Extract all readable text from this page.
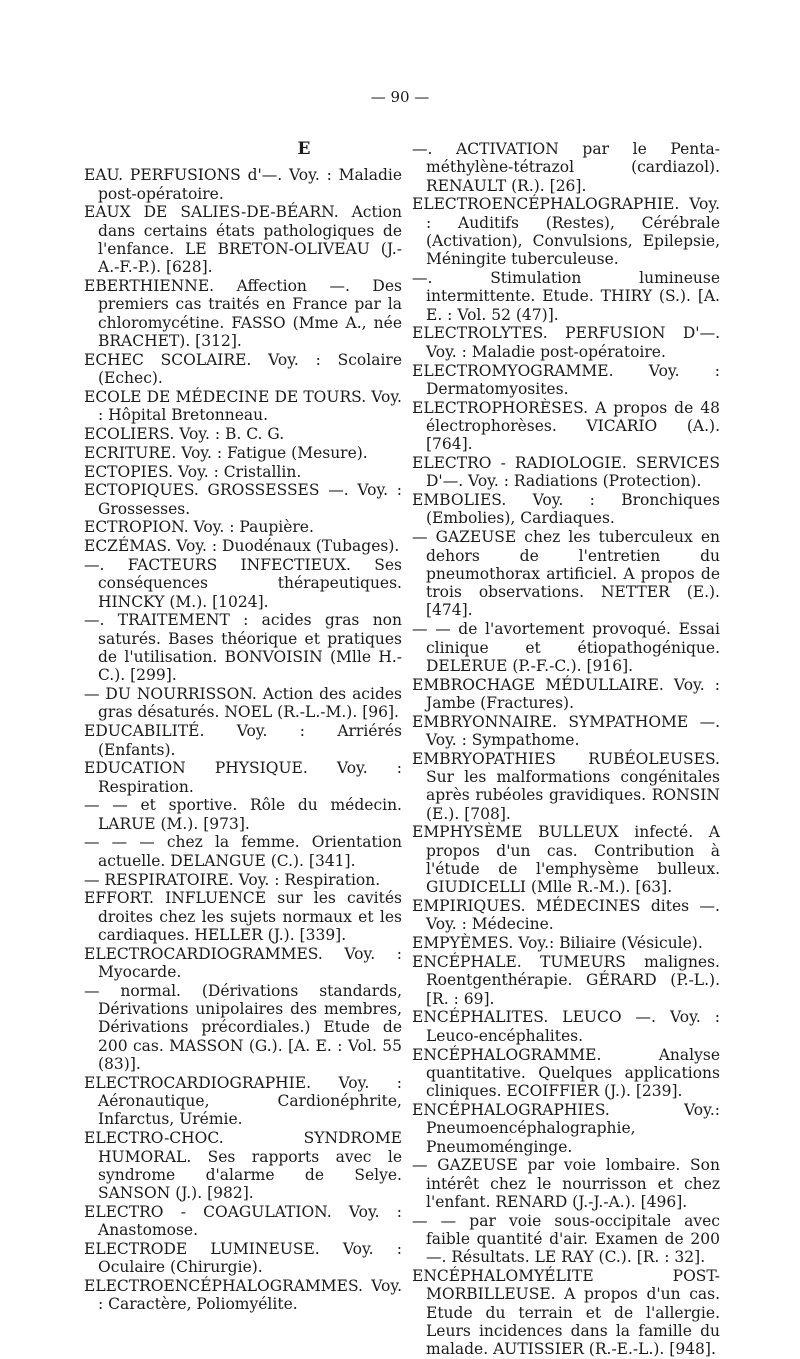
— 90 —
E

EAU. PERFUSIONS d'—. Voy. : Maladie post-opératoire.

EAUX DE SALIES-DE-BÉARN. Action dans certains états pathologiques de l'enfance. LE BRETON-OLIVEAU (J.-A.-F.-P.). [628].

EBERTHIENNE. Affection —. Des premiers cas traités en France par la chloromycétine. FASSO (Mme A., née BRACHET). [312].

ECHEC SCOLAIRE. Voy. : Scolaire (Echec).

ECOLE DE MÉDECINE DE TOURS. Voy. : Hôpital Bretonneau.

ECOLIERS. Voy. : B. C. G.

ECRITURE. Voy. : Fatigue (Mesure).

ECTOPIES. Voy. : Cristallin.

ECTOPIQUES. GROSSESSES —. Voy. : Grossesses.

ECTROPION. Voy. : Paupière.

ECZÉMAS. Voy. : Duodénaux (Tubages).

—. FACTEURS INFECTIEUX. Ses conséquences thérapeutiques. HINCKY (M.). [1024].

—. TRAITEMENT : acides gras non saturés. Bases théorique et pratiques de l'utilisation. BONVOISIN (Mlle H.-C.). [299].

— DU NOURRISSON. Action des acides gras désaturés. NOEL (R.-L.-M.). [96].

EDUCABILITÉ. Voy. : Arriérés (Enfants).

EDUCATION PHYSIQUE. Voy. : Respiration.

— — et sportive. Rôle du médecin. LARUE (M.). [973].

— — — chez la femme. Orientation actuelle. DELANGUE (C.). [341].

— RESPIRATOIRE. Voy. : Respiration.

EFFORT. INFLUENCE sur les cavités droites chez les sujets normaux et les cardiaques. HELLER (J.). [339].

ELECTROCARDIOGRAMMES. Voy. : Myocarde.

— normal. (Dérivations standards, Dérivations unipolaires des membres, Dérivations précordiales.) Etude de 200 cas. MASSON (G.). [A. E. : Vol. 55 (83)].

ELECTROCARDIOGRAPHIE. Voy. : Aéronautique, Cardionéphrite, Infarctus, Urémie.

ELECTRO-CHOC. SYNDROME HUMORAL. Ses rapports avec le syndrome d'alarme de Selye. SANSON (J.). [982].

ELECTRO - COAGULATION. Voy. : Anastomose.

ELECTRODE LUMINEUSE. Voy. : Oculaire (Chirurgie).

ELECTROENCÉPHALOGRAMMES. Voy. : Caractère, Poliomyélite.

—. ACTIVATION par le Penta-méthylène-tétrazol (cardiazol). RENAULT (R.). [26].

ELECTROENCÉPHALOGRAPHIE. Voy. : Auditifs (Restes), Cérébrale (Activation), Convulsions, Epilepsie, Méningite tuberculeuse.

—. Stimulation lumineuse intermittente. Etude. THIRY (S.). [A. E. : Vol. 52 (47)].

ELECTROLYTES. PERFUSION D'—. Voy. : Maladie post-opératoire.

ELECTROMYOGRAMME. Voy. : Dermatomyosites.

ELECTROPHORÈSES. A propos de 48 électrophorèses. VICARIO (A.). [764].

ELECTRO - RADIOLOGIE. SERVICES D'—. Voy. : Radiations (Protection).

EMBOLIES. Voy. : Bronchiques (Embolies), Cardiaques.

— GAZEUSE chez les tuberculeux en dehors de l'entretien du pneumothorax artificiel. A propos de trois observations. NETTER (E.). [474].

— — de l'avortement provoqué. Essai clinique et étiopathogénique. DELERUE (P.-F.-C.). [916].

EMBROCHAGE MÉDULLAIRE. Voy. : Jambe (Fractures).

EMBRYONNAIRE. SYMPATHOME —. Voy. : Sympathome.

EMBRYOPATHIES RUBÉOLEUSES. Sur les malformations congénitales après rubéoles gravidiques. RONSIN (E.). [708].

EMPHYSÈME BULLEUX infecté. A propos d'un cas. Contribution à l'étude de l'emphysème bulleux. GIUDICELLI (Mlle R.-M.). [63].

EMPIRIQUES. MÉDECINES dites —. Voy. : Médecine.

EMPYÈMES. Voy.: Biliaire (Vésicule).

ENCÉPHALE. TUMEURS malignes. Roentgenthérapie. GÉRARD (P.-L.). [R. : 69].

ENCÉPHALITES. LEUCO —. Voy. : Leuco-encéphalites.

ENCÉPHALOGRAMME. Analyse quantitative. Quelques applications cliniques. ECOIFFIER (J.). [239].

ENCÉPHALOGRAPHIES. Voy.: Pneumoencéphalographie, Pneumoménginge.

— GAZEUSE par voie lombaire. Son intérêt chez le nourrisson et chez l'enfant. RENARD (J.-J.-A.). [496].

— — par voie sous-occipitale avec faible quantité d'air. Examen de 200 —. Résultats. LE RAY (C.). [R. : 32].

ENCÉPHALOMYÉLITE POST-MORBILLEUSE. A propos d'un cas. Etude du terrain et de l'allergie. Leurs incidences dans la famille du malade. AUTISSIER (R.-E.-L.). [948].
